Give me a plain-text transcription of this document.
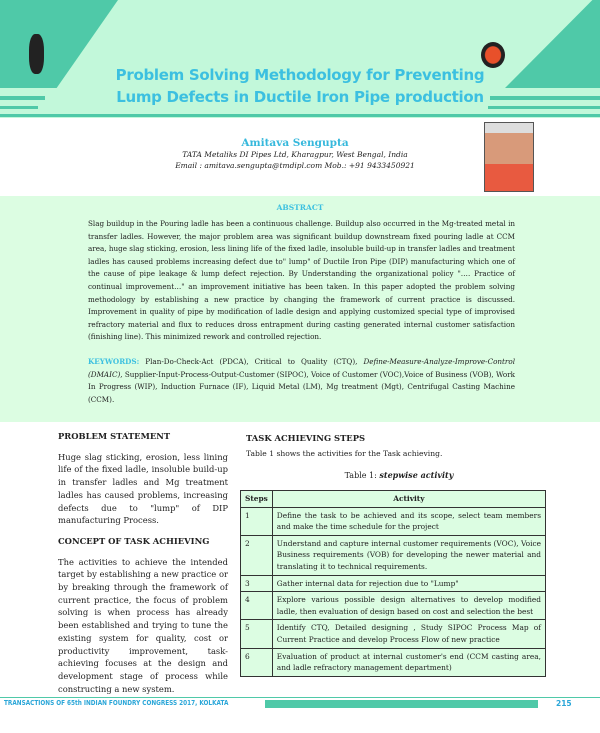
Problem Solving Methodology for Preventing Lump Defects in Ductile Iron Pipe production
Amitava Sengupta
TATA Metaliks DI Pipes Ltd, Kharagpur, West Bengal, India
Email : amitava.sengupta@tmdipl.com Mob.: +91 9433450921
ABSTRACT

Slag buildup in the Pouring ladle has been a continuous challenge. Buildup also occurred in the Mg-treated metal in transfer ladles. However, the major problem area was significant buildup downstream fixed pouring ladle at CCM area, huge slag sticking, erosion, less lining life of the fixed ladle, insoluble build-up in transfer ladles and treatment ladles has caused problems increasing defect due to" lump" of Ductile Iron Pipe (DIP) manufacturing which one of the cause of pipe leakage & lump defect rejection. By Understanding the organizational policy "…. Practice of continual improvement…" an improvement initiative has been taken. In this paper adopted the problem solving methodology by establishing a new practice by changing the framework of current practice is discussed. Improvement in quality of pipe by modification of ladle design and applying customized special type of improvised refractory material and flux to reduces dross entrapment during casting generated internal customer satisfaction (finishing line). This minimized rework and controlled rejection.

KEYWORDS: Plan-Do-Check-Act (PDCA), Critical to Quality (CTQ), Define-Measure-Analyze-Improve-Control (DMAIC), Supplier-Input-Process-Output-Customer (SIPOC), Voice of Customer (VOC),Voice of Business (VOB), Work In Progress (WIP), Induction Furnace (IF), Liquid Metal (LM), Mg treatment (Mgt), Centrifugal Casting Machine (CCM).

PROBLEM STATEMENT

Huge slag sticking, erosion, less lining life of the fixed ladle, insoluble build-up in transfer ladles and Mg treatment ladles has caused problems, increasing defects due to "lump" of DIP manufacturing Process.

CONCEPT OF TASK ACHIEVING

The activities to achieve the intended target by establishing a new practice or by breaking through the framework of current practice, the focus of problem solving is when process has already been established and trying to tune the existing system for quality, cost or productivity improvement, task-achieving focuses at the design and development stage of process while constructing a new system.

TASK ACHIEVING STEPS

Table 1 shows the activities for the Task achieving.

Table 1: stepwise activity

Steps	Activity
1	Define the task to be achieved and its scope, select team members and make the time schedule for the project
2	Understand and capture internal customer requirements (VOC), Voice Business requirements (VOB) for developing the newer material and translating it to technical requirements.
3	Gather internal data for rejection due to "Lump"
4	Explore various possible design alternatives to develop modified ladle, then evaluation of design based on cost and selection the best
5	Identify CTQ, Detailed designing , Study SIPOC Process Map of Current Practice and develop Process Flow of new practice
6	Evaluation of product at internal customer's end (CCM casting area, and ladle refractory management department)
TRANSACTIONS OF 65th INDIAN FOUNDRY CONGRESS 2017, KOLKATA	215
